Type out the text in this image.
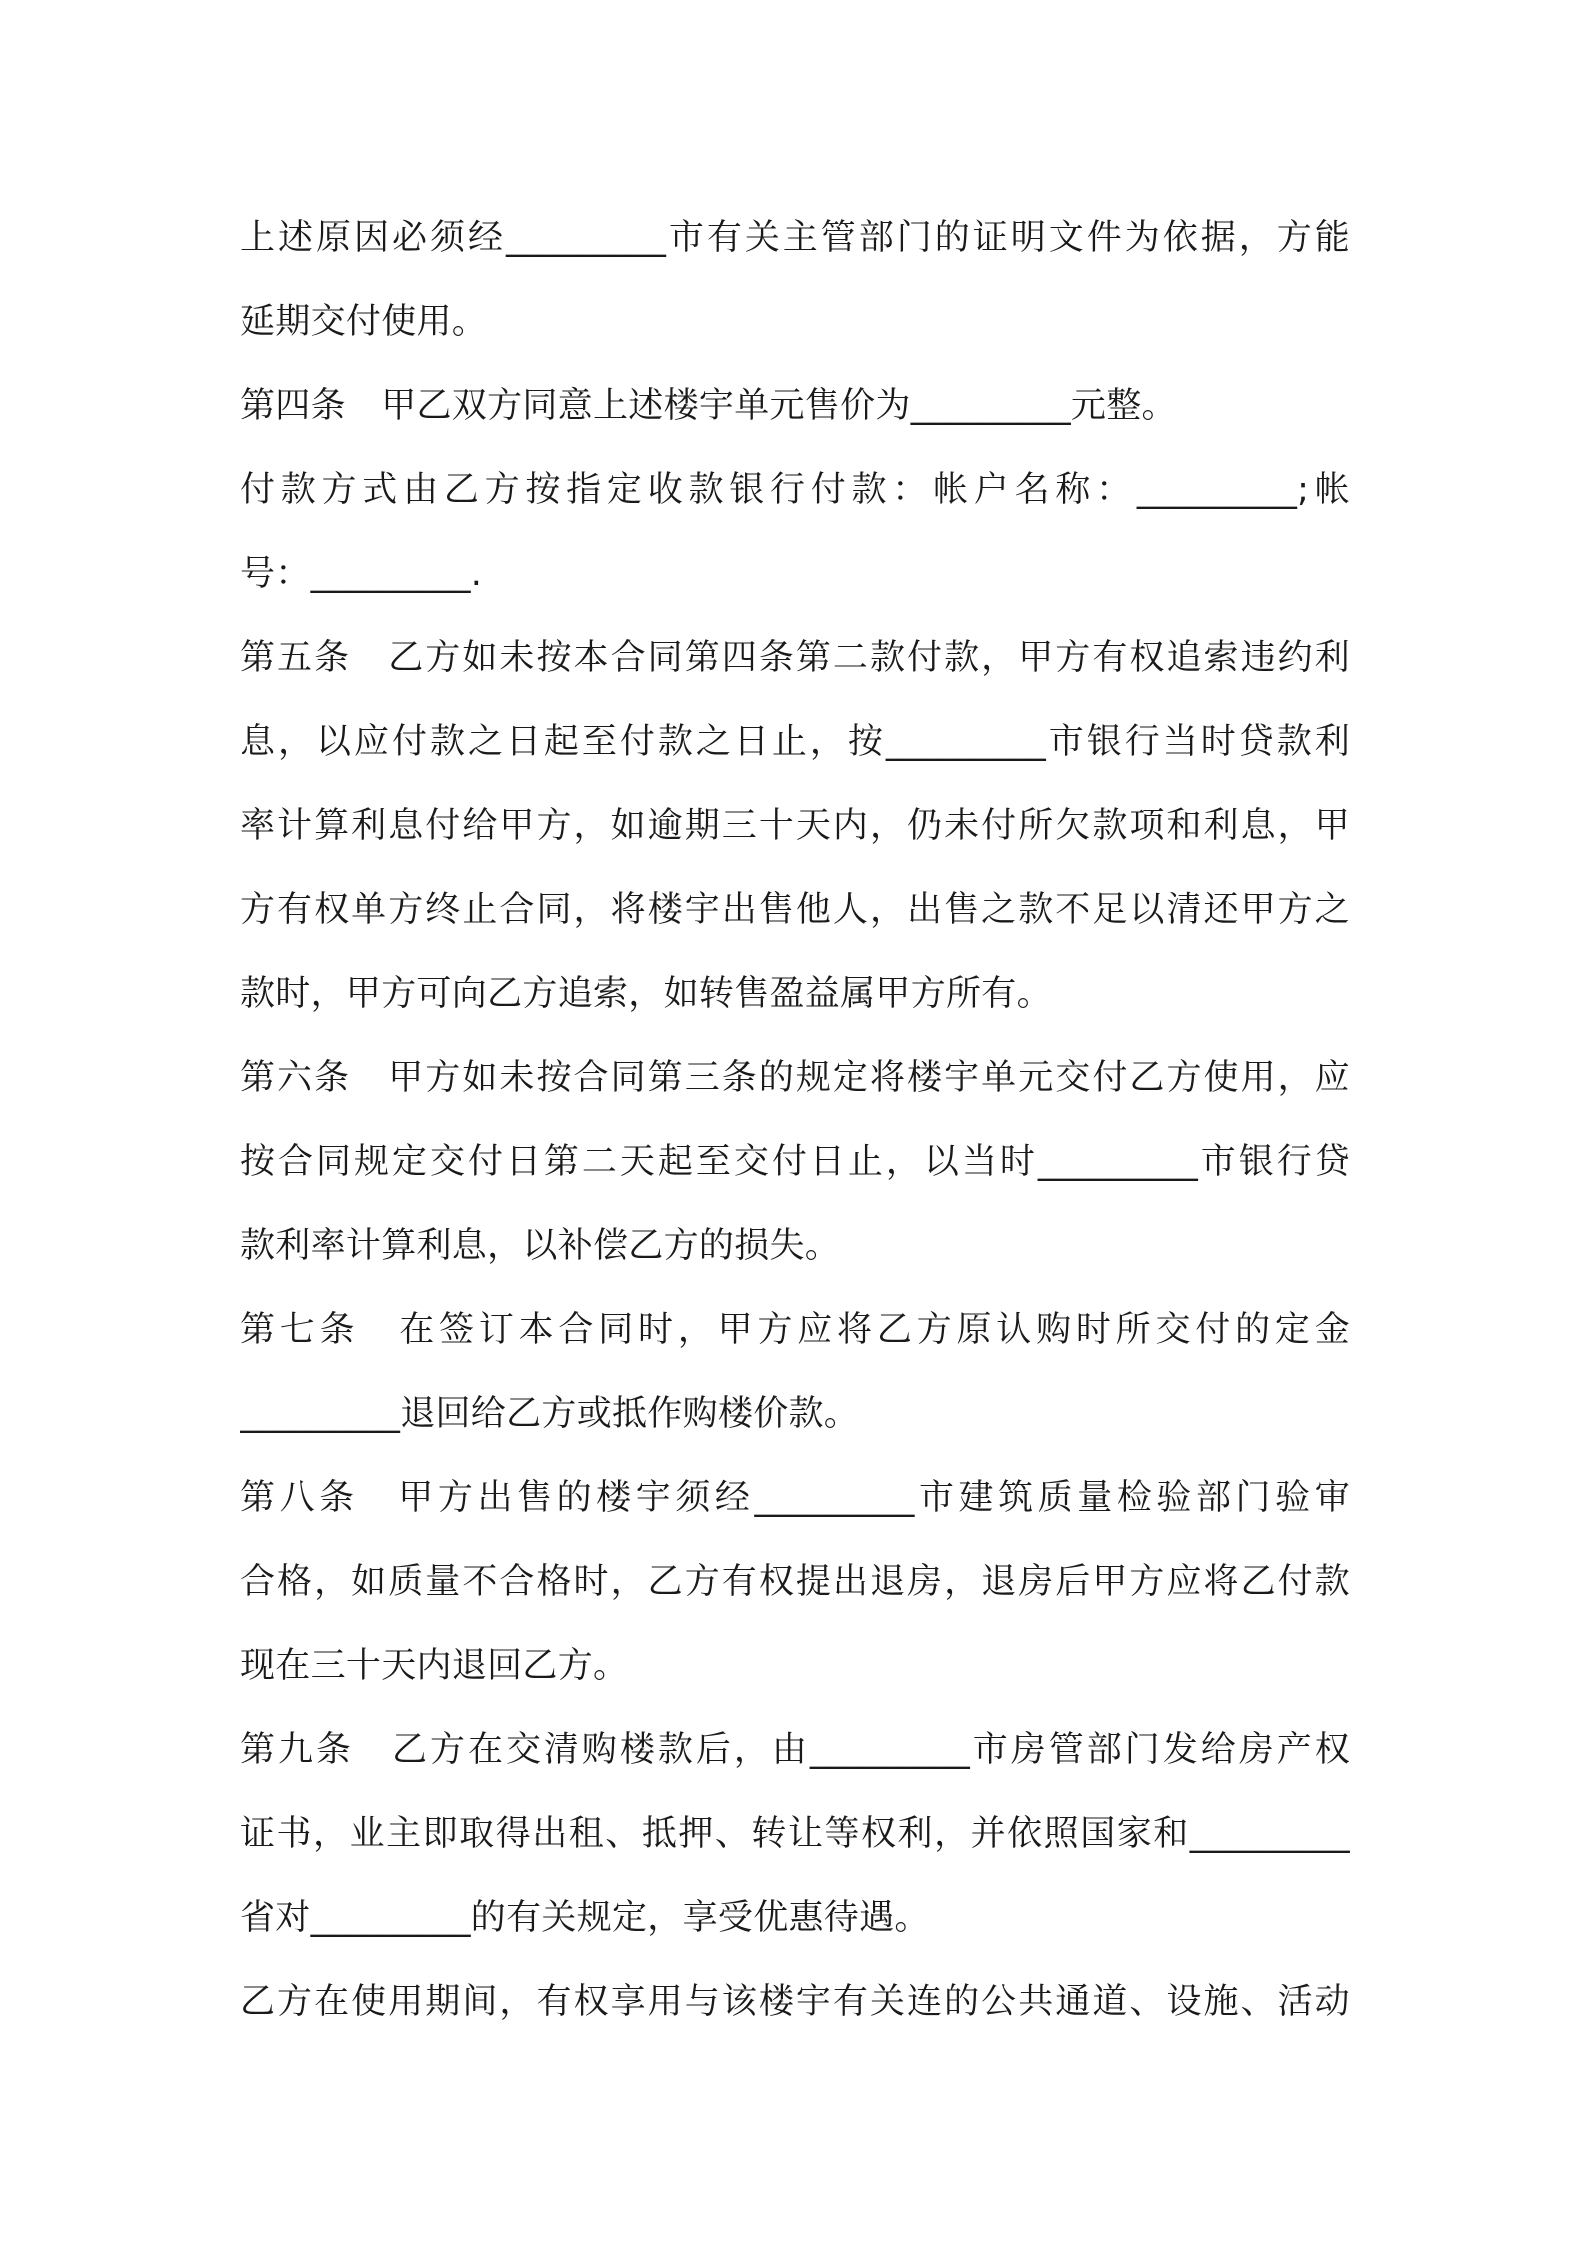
上述原因必须经_________市有关主管部门的证明文件为依据，方能
延期交付使用。
第四条　甲乙双方同意上述楼宇单元售价为_________元整。
付款方式由乙方按指定收款银行付款：帐户名称：_________;帐
号：_________.
第五条　乙方如未按本合同第四条第二款付款，甲方有权追索违约利
息，以应付款之日起至付款之日止，按_________市银行当时贷款利
率计算利息付给甲方，如逾期三十天内，仍未付所欠款项和利息，甲
方有权单方终止合同，将楼宇出售他人，出售之款不足以清还甲方之
款时，甲方可向乙方追索，如转售盈益属甲方所有。
第六条　甲方如未按合同第三条的规定将楼宇单元交付乙方使用，应
按合同规定交付日第二天起至交付日止，以当时_________市银行贷
款利率计算利息，以补偿乙方的损失。
第七条　在签订本合同时，甲方应将乙方原认购时所交付的定金
_________退回给乙方或抵作购楼价款。
第八条　甲方出售的楼宇须经_________市建筑质量检验部门验审
合格，如质量不合格时，乙方有权提出退房，退房后甲方应将乙付款
现在三十天内退回乙方。
第九条　乙方在交清购楼款后，由_________市房管部门发给房产权
证书，业主即取得出租、抵押、转让等权利，并依照国家和_________
省对_________的有关规定，享受优惠待遇。
乙方在使用期间，有权享用与该楼宇有关连的公共通道、设施、活动
